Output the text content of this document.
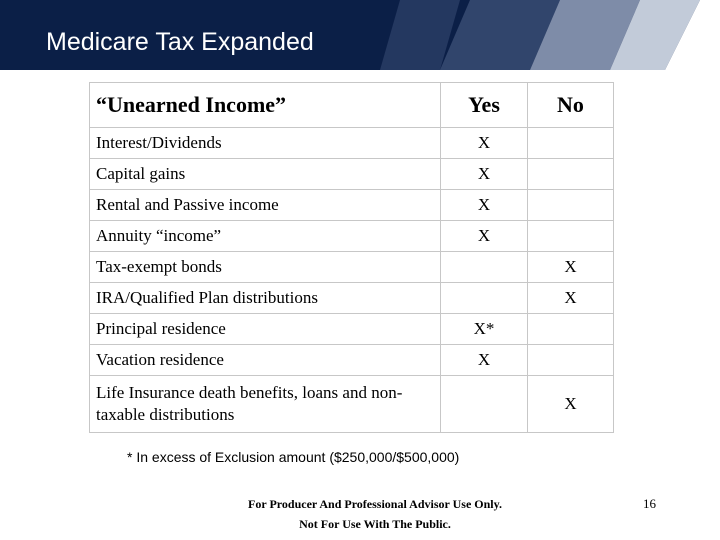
Medicare Tax Expanded
“Unearned Income”	Yes	No
Interest/Dividends	X	
Capital gains	X	
Rental and Passive income	X	
Annuity “income”	X	
Tax-exempt bonds		X
IRA/Qualified Plan distributions		X
Principal residence	X*	
Vacation residence	X	
Life Insurance death benefits, loans and non-taxable distributions		X
* In excess of Exclusion amount ($250,000/$500,000)
For Producer And Professional Advisor Use Only.
Not For Use With The Public.
16
